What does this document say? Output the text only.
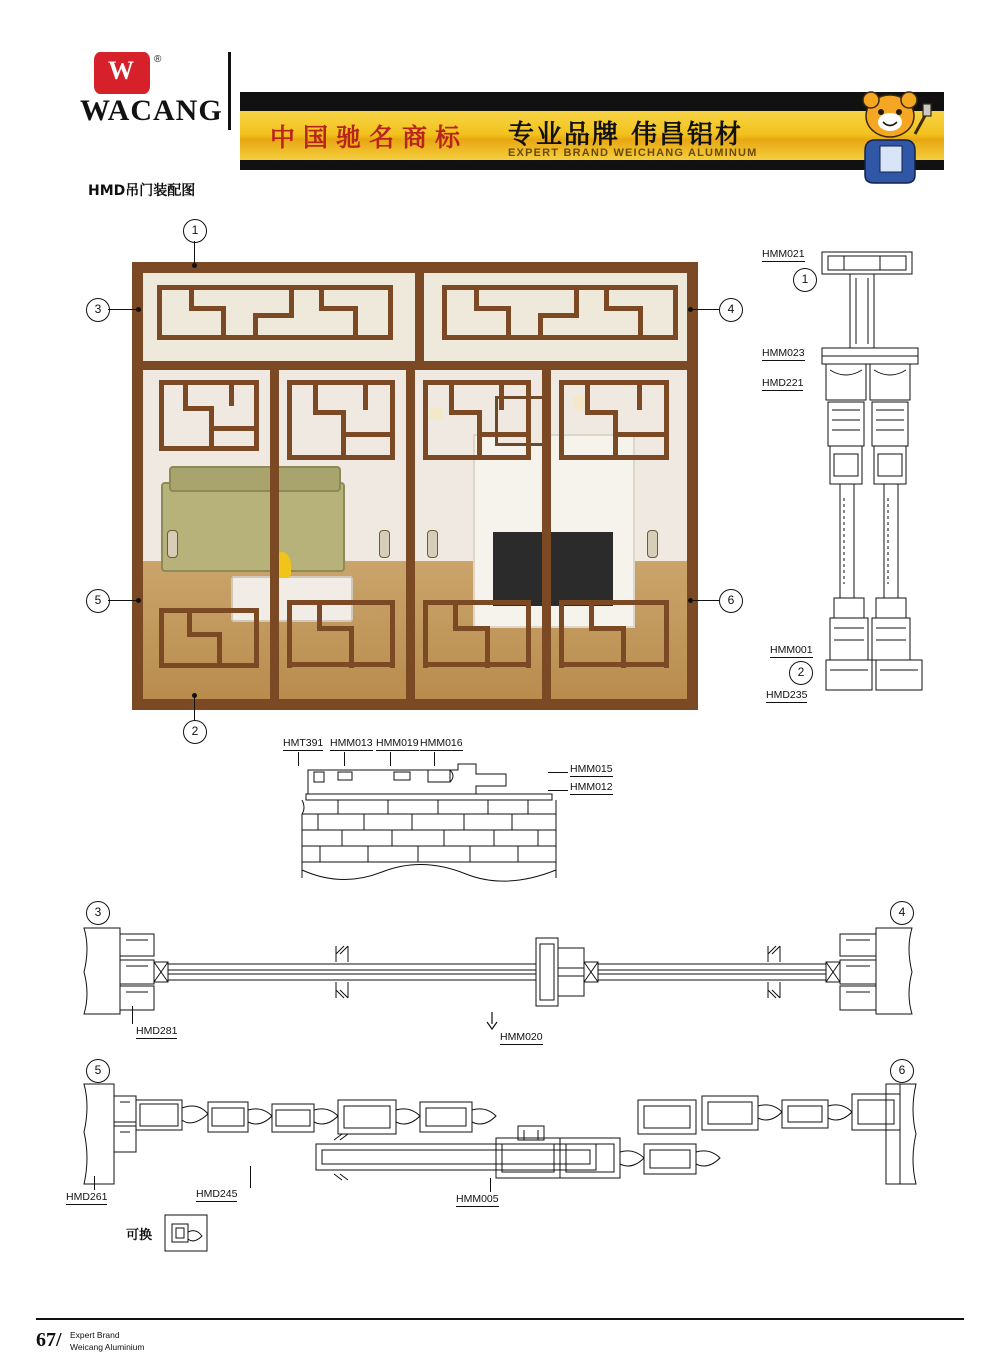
W
®
WACANG
中国驰名商标 专业品牌 伟昌铝材
EXPERT BRAND WEICHANG ALUMINUM
HMD吊门装配图
1
2
3	4
5	6
HMM021
1
HMM023
HMD221
HMM001
2
HMD235
HMT391 HMM013 HMM019 HMM016
HMM015
HMM012
3	4
HMD281	HMM020
5	6
HMD261	HMD245	HMM005
可换
67/ Expert Brand
Weicang Aluminium
